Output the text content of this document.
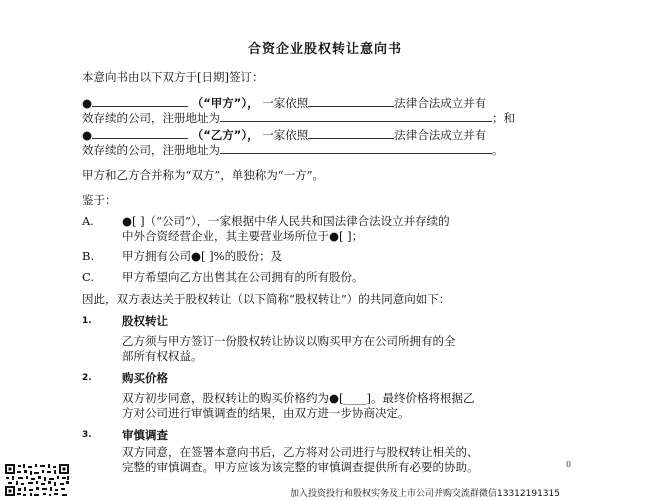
合资企业股权转让意向书
本意向书由以下双方于[日期]签订：
●	（“甲方”）， 一家依照	法律合法成立并有
效存续的公司，注册地址为	；和
●	（“乙方”）， 一家依照	法律合法成立并有
效存续的公司，注册地址为	。
甲方和乙方合并称为“双方”，单独称为“一方”。
鉴于：
A. ●[ ]（“公司”），一家根据中华人民共和国法律合法设立并存续的
中外合资经营企业，其主要营业场所位于●[ ]；
B. 甲方拥有公司●[ ]%的股份；及
C. 甲方希望向乙方出售其在公司拥有的所有股份。
因此，双方表达关于股权转让（以下简称“股权转让”）的共同意向如下：
1.	股权转让
乙方须与甲方签订一份股权转让协议以购买甲方在公司所拥有的全
部所有权权益。
2.	购买价格
双方初步同意，股权转让的购买价格约为●[____]。最终价格将根据乙
方对公司进行审慎调查的结果，由双方进一步协商决定。
3.	审慎调查
双方同意，在签署本意向书后，乙方将对公司进行与股权转让相关的、
完整的审慎调查。甲方应该为该完整的审慎调查提供所有必要的协助。	0
加入投资投行和股权实务及上市公司并购交流群微信13312191315
